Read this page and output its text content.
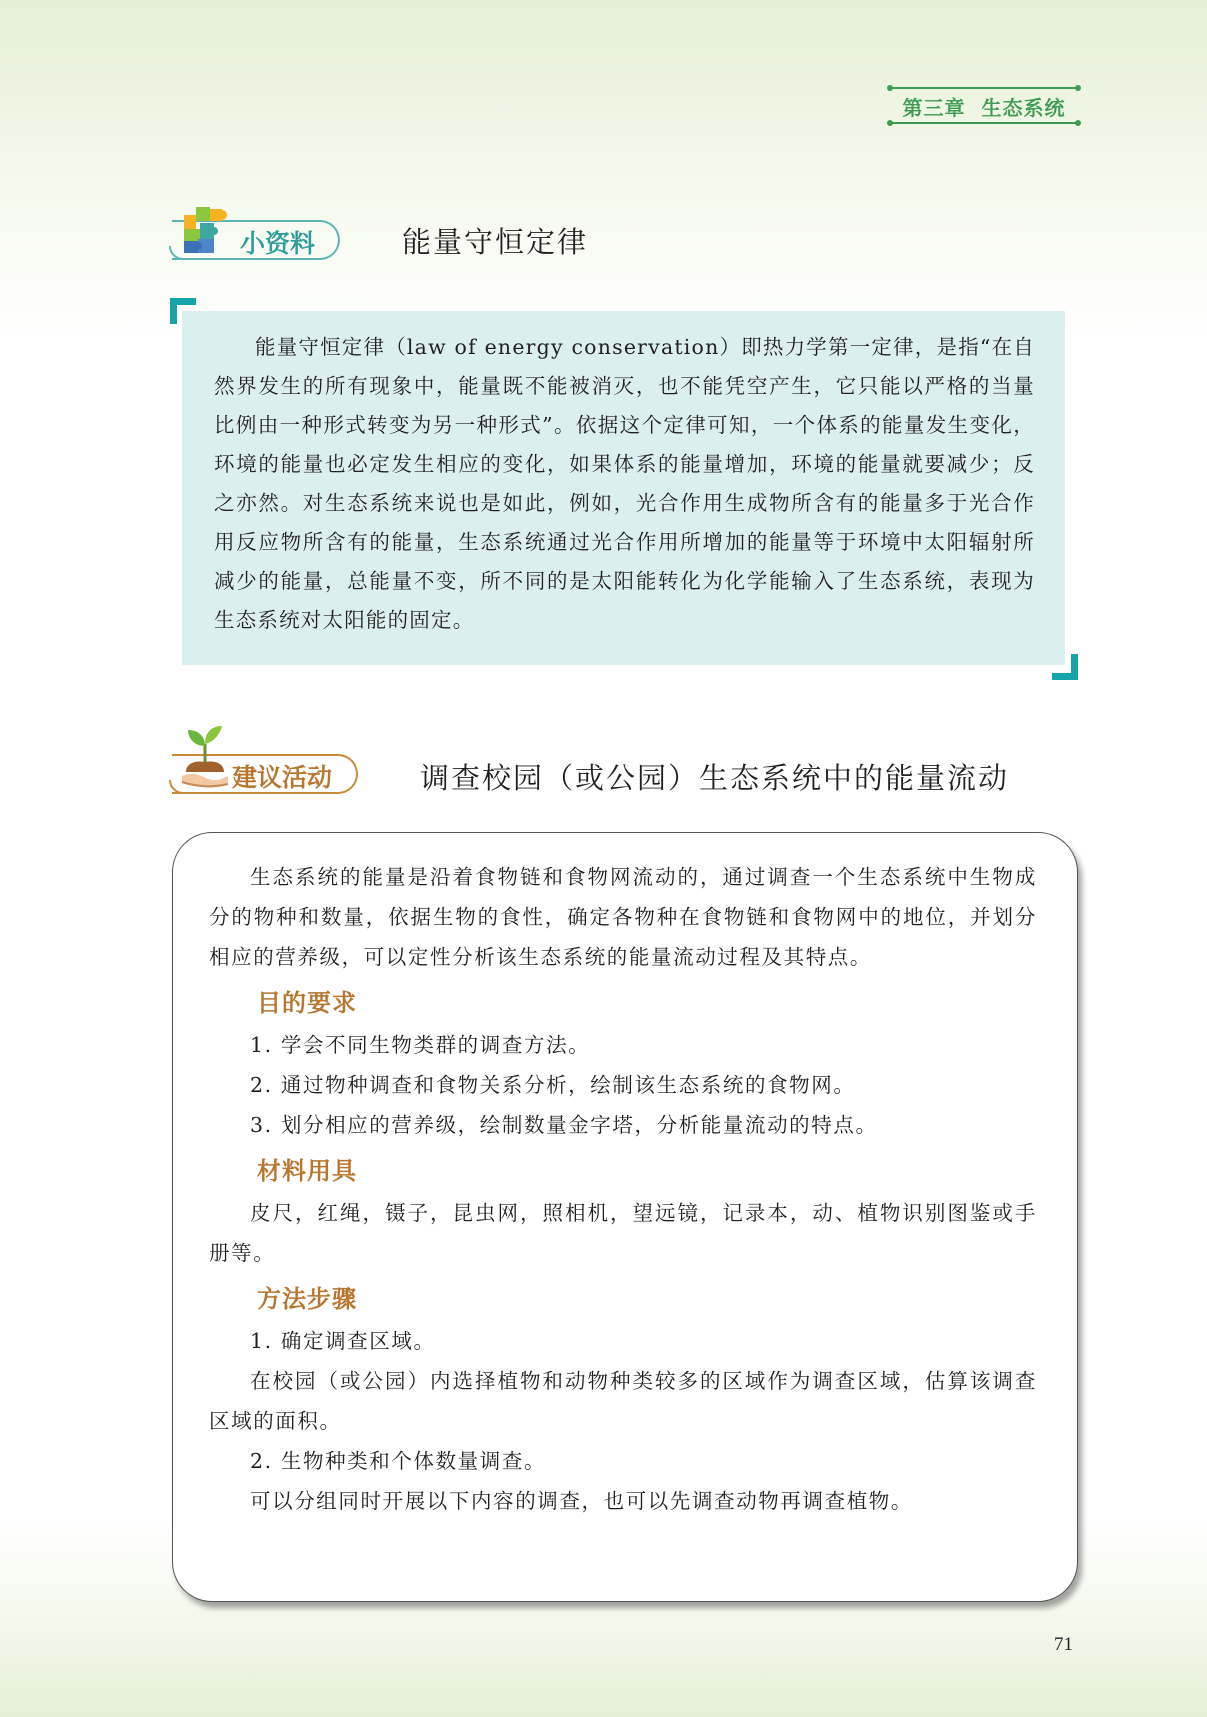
第三章 生态系统
小资料	能量守恒定律

能量守恒定律（law of energy conservation）即热力学第一定律，是指“在自然界发生的所有现象中，能量既不能被消灭，也不能凭空产生，它只能以严格的当量比例由一种形式转变为另一种形式”。依据这个定律可知，一个体系的能量发生变化，环境的能量也必定发生相应的变化，如果体系的能量增加，环境的能量就要减少；反之亦然。对生态系统来说也是如此，例如，光合作用生成物所含有的能量多于光合作用反应物所含有的能量，生态系统通过光合作用所增加的能量等于环境中太阳辐射所减少的能量，总能量不变，所不同的是太阳能转化为化学能输入了生态系统，表现为生态系统对太阳能的固定。

建议活动	调查校园（或公园）生态系统中的能量流动

生态系统的能量是沿着食物链和食物网流动的，通过调查一个生态系统中生物成分的物种和数量，依据生物的食性，确定各物种在食物链和食物网中的地位，并划分相应的营养级，可以定性分析该生态系统的能量流动过程及其特点。

目的要求

1. 学会不同生物类群的调查方法。

2. 通过物种调查和食物关系分析，绘制该生态系统的食物网。

3. 划分相应的营养级，绘制数量金字塔，分析能量流动的特点。

材料用具

皮尺，红绳，镊子，昆虫网，照相机，望远镜，记录本，动、植物识别图鉴或手册等。

方法步骤

1. 确定调查区域。

在校园（或公园）内选择植物和动物种类较多的区域作为调查区域，估算该调查区域的面积。

2. 生物种类和个体数量调查。

可以分组同时开展以下内容的调查，也可以先调查动物再调查植物。

71
